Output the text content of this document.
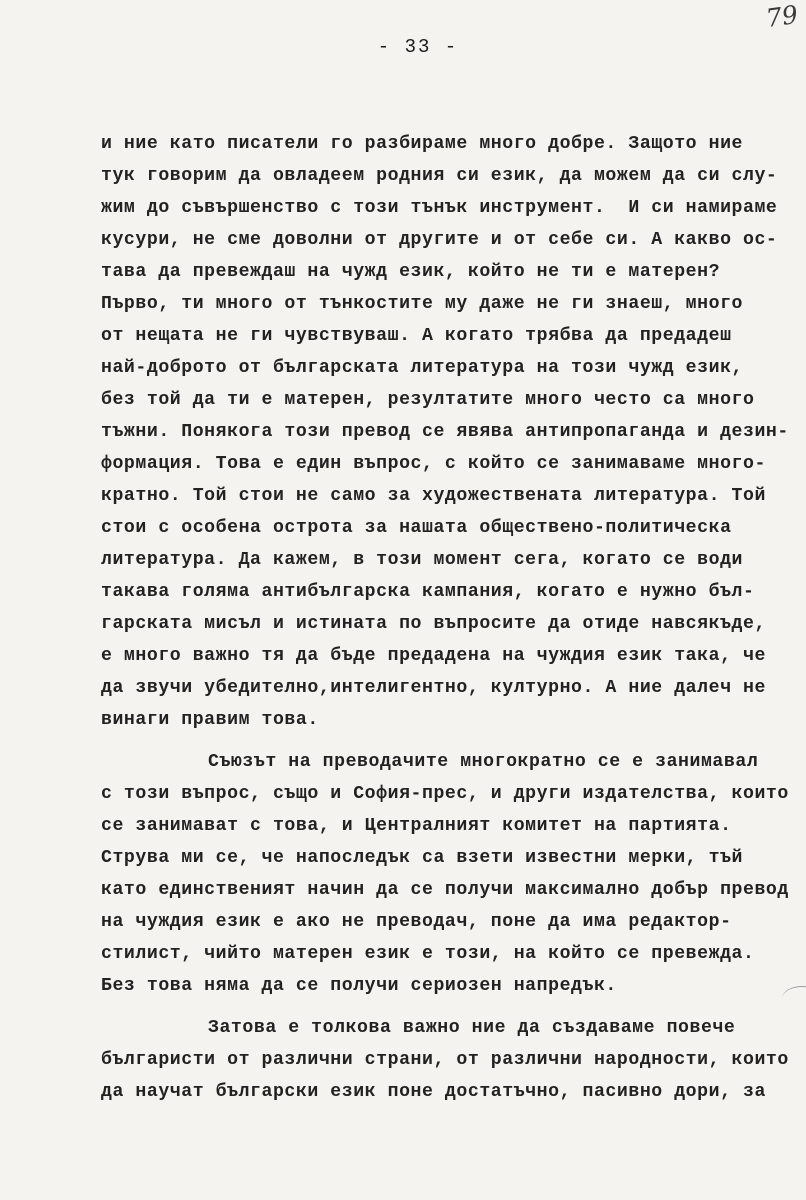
79
- 33 -
и ние като писатели го разбираме много добре. Защото ние
тук говорим да овладеем родния си език, да можем да си слу-
жим до съвършенство с този тънък инструмент.  И си намираме
кусури, не сме доволни от другите и от себе си. А какво ос-
тава да превеждаш на чужд език, който не ти е матерен?
Първо, ти много от тънкостите му даже не ги знаеш, много
от нещата не ги чувствуваш. А когато трябва да предадеш
най-доброто от българската литература на този чужд език,
без той да ти е матерен, резултатите много често са много
тъжни. Понякога този превод се явява антипропаганда и дезин-
формация. Това е един въпрос, с който се занимаваме много-
кратно. Той стои не само за художествената литература. Той
стои с особена острота за нашата обществено-политическа
литература. Да кажем, в този момент сега, когато се води
такава голяма антибългарска кампания, когато е нужно бъл-
гарската мисъл и истината по въпросите да отиде навсякъде,
е много важно тя да бъде предадена на чуждия език така, че
да звучи убедително,интелигентно, културно. А ние далеч не
винаги правим това.
Съюзът на преводачите многократно се е занимавал
с този въпрос, също и София-прес, и други издателства, които
се занимават с това, и Централният комитет на партията.
Струва ми се, че напоследък са взети известни мерки, тъй
като единственият начин да се получи максимално добър превод
на чуждия език е ако не преводач, поне да има редактор-
стилист, чийто матерен език е този, на който се превежда.
Без това няма да се получи сериозен напредък.
Затова е толкова важно ние да създаваме повече
българисти от различни страни, от различни народности, които
да научат български език поне достатъчно, пасивно дори, за
